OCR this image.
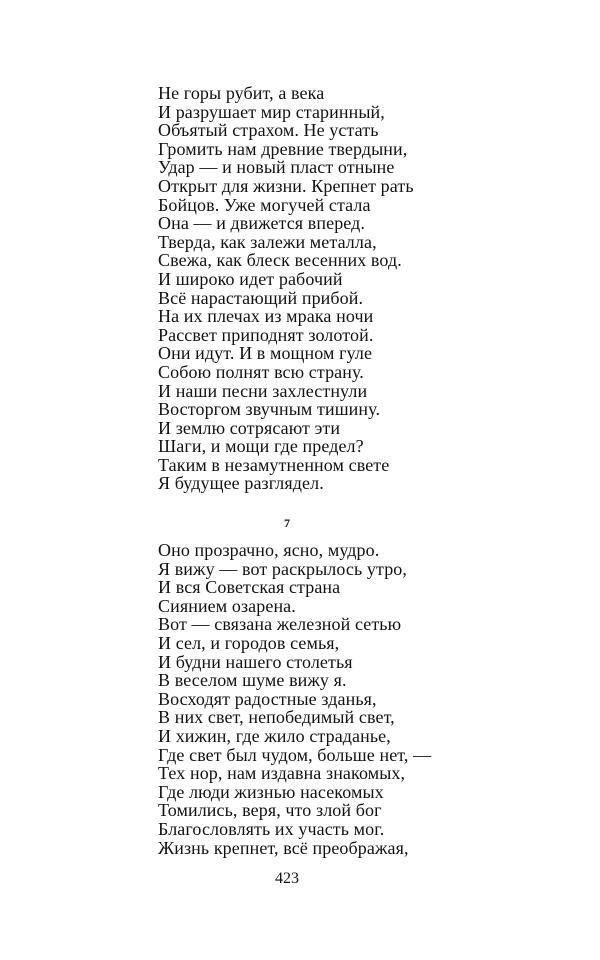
Не горы рубит, а века
И разрушает мир старинный,
Объятый страхом. Не устать
Громить нам древние твердыни,
Удар — и новый пласт отныне
Открыт для жизни. Крепнет рать
Бойцов. Уже могучей стала
Она — и движется вперед.
Тверда, как залежи металла,
Свежа, как блеск весенних вод.
И широко идет рабочий
Всё нарастающий прибой.
На их плечах из мрака ночи
Рассвет приподнят золотой.
Они идут. И в мощном гуле
Собою полнят всю страну.
И наши песни захлестнули
Восторгом звучным тишину.
И землю сотрясают эти
Шаги, и мощи где предел?
Таким в незамутненном свете
Я будущее разглядел.
7
Оно прозрачно, ясно, мудро.
Я вижу — вот раскрылось утро,
И вся Советская страна
Сиянием озарена.
Вот — связана железной сетью
И сел, и городов семья,
И будни нашего столетья
В веселом шуме вижу я.
Восходят радостные зданья,
В них свет, непобедимый свет,
И хижин, где жило страданье,
Где свет был чудом, больше нет, —
Тех нор, нам издавна знакомых,
Где люди жизнью насекомых
Томились, веря, что злой бог
Благословлять их участь мог.
Жизнь крепнет, всё преображая,
423
